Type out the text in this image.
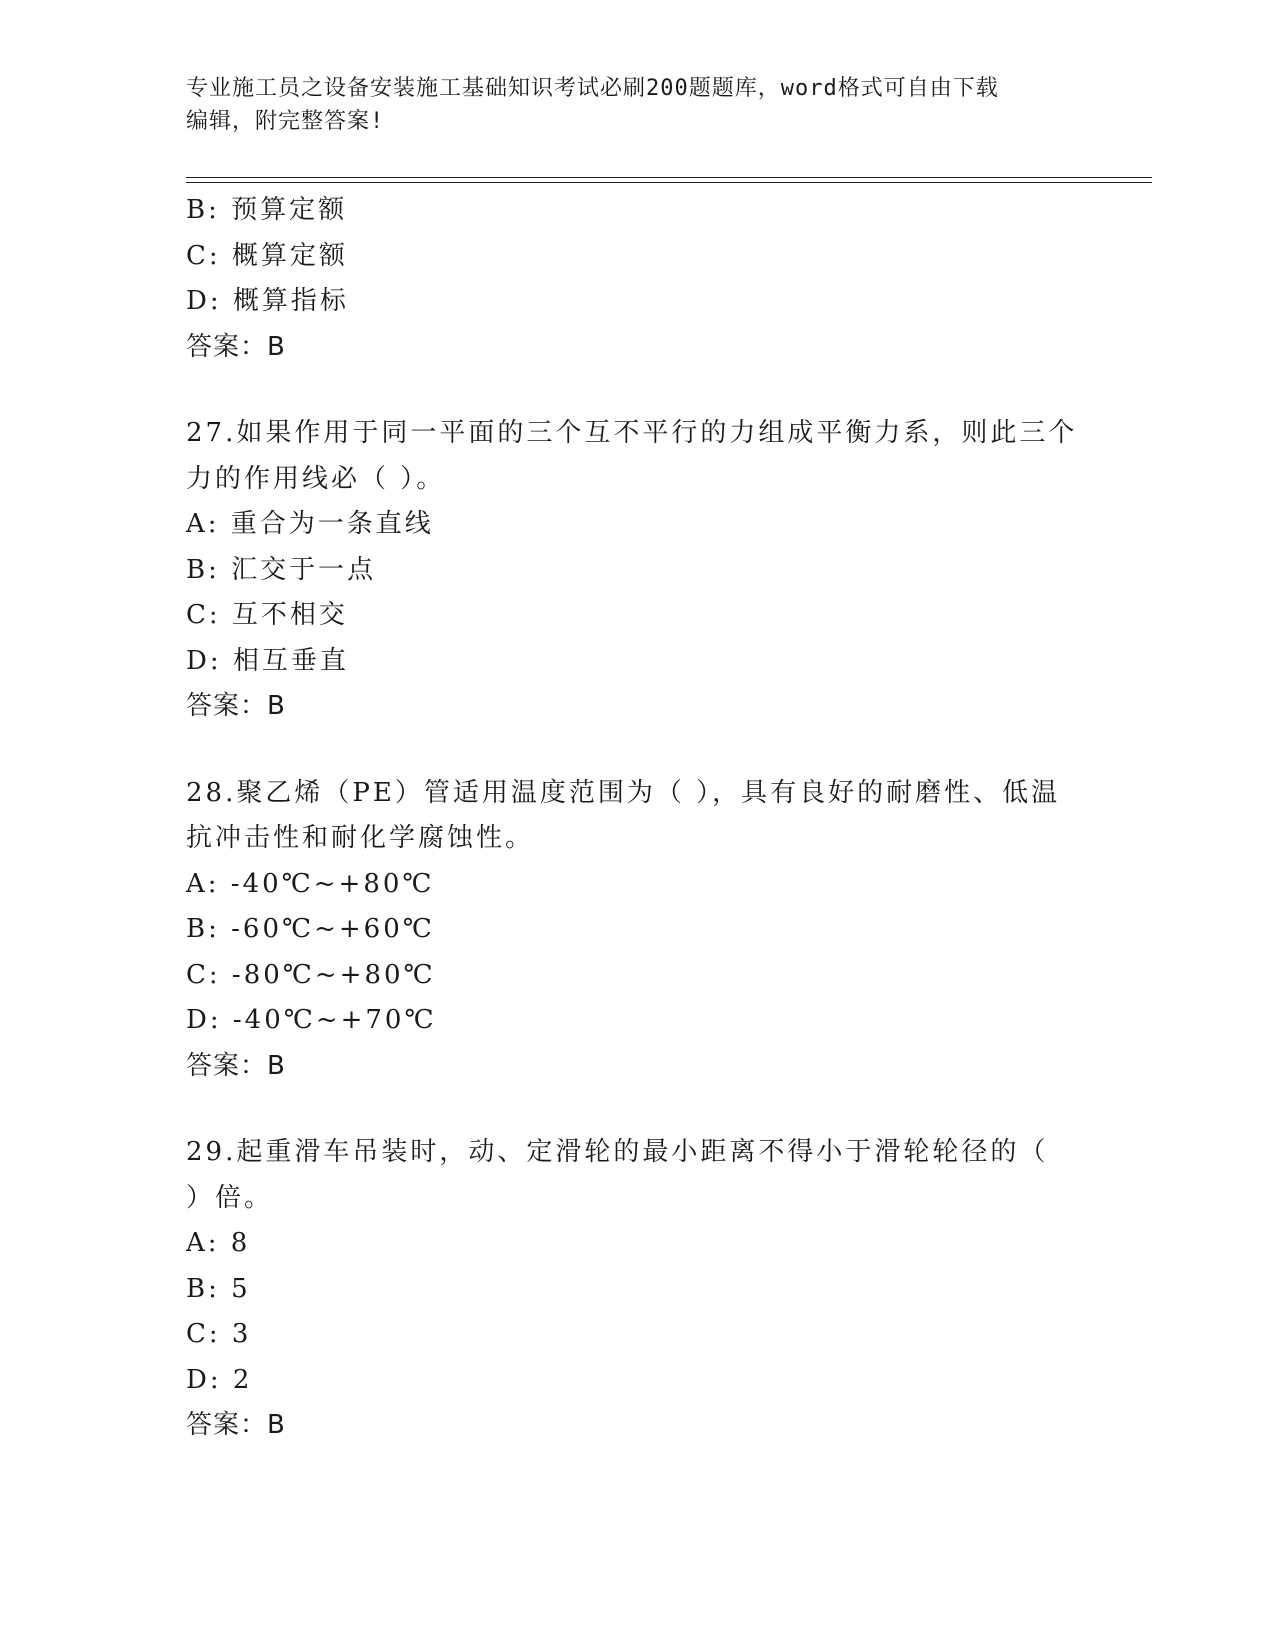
专业施工员之设备安装施工基础知识考试必刷200题题库，word格式可自由下载
编辑，附完整答案!
B: 预算定额
C: 概算定额
D: 概算指标
答案：B
27.如果作用于同一平面的三个互不平行的力组成平衡力系，则此三个
力的作用线必（ ）。
A: 重合为一条直线
B: 汇交于一点
C: 互不相交
D: 相互垂直
答案：B
28.聚乙烯（PE）管适用温度范围为（ ），具有良好的耐磨性、低温
抗冲击性和耐化学腐蚀性。
A: -40℃~+80℃
B: -60℃~+60℃
C: -80℃~+80℃
D: -40℃~+70℃
答案：B
29.起重滑车吊装时，动、定滑轮的最小距离不得小于滑轮轮径的（
）倍。
A: 8
B: 5
C: 3
D: 2
答案：B
